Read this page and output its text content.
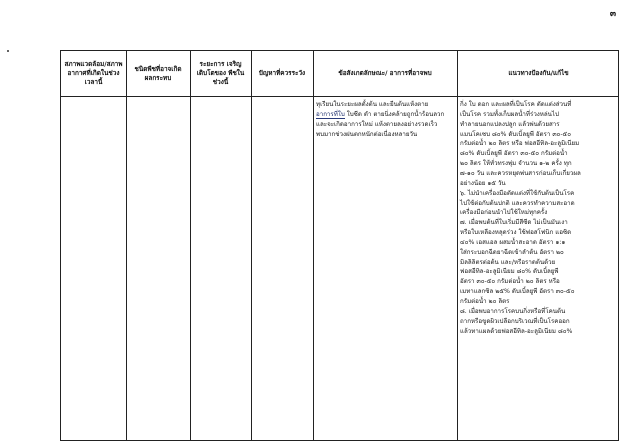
๓
สภาพแวดล้อม/สภาพ อากาศที่เกิดในช่วงเวลานี้
ชนิดพืชที่อาจเกิด ผลกระทบ
ระยะการ เจริญเติบโตของ พืชในช่วงนี้
ปัญหาที่ควรระวัง	ข้อสังเกตลักษณะ/ อาการที่อาจพบ	แนวทางป้องกัน/แก้ไข
ทุเรียนในระยะผลตั้งต้น และยืนต้นแห้งตาย
อาการที่ใบ ใบซีด ดำ ตายนิ่งคล้ายถูกน้ำร้อนลวก
และจะเกิดอาการใหม่ แห้งตายลงอย่างรวดเร็ว
พบมากช่วงฝนตกหนักต่อเนื่องหลายวัน
กิ่ง ใบ ดอก และผลที่เป็นโรค ตัดแต่งส่วนที่
เป็นโรค รวมทั้งเก็บผลน้ำที่ร่วงหล่นไป
ทำลายนอกแปลงปลูก แล้วพ่นด้วยสาร
แมนโคเซบ ๘๐% ดับเบิ้ลยูพี อัตรา ๓๐-๕๐
กรัมต่อน้ำ ๒๐ ลิตร หรือ ฟอสอีทิล-อะลูมิเนียม
๘๐% ดับเบิ้ลยูพี อัตรา ๓๐-๕๐ กรัมต่อน้ำ
๒๐ ลิตร ให้ทั่วทรงพุ่ม จำนวน ๑-๒ ครั้ง ทุก
๗-๑๐ วัน และควรหยุดพ่นสารก่อนเก็บเกี่ยวผล
อย่างน้อย ๑๕ วัน
๖. ไม่นำเครื่องมือตัดแต่งที่ใช้กับต้นเป็นโรค
ไปใช้ต่อกับต้นปกติ และควรทำความสะอาด
เครื่องมือก่อนนำไปใช้ใหม่ทุกครั้ง
๗. เมื่อพบต้นที่ใบเริ่มมีสีซีด ไม่เป็นมันเงา
หรือใบเหลืองหลุดร่วง ใช้ฟอสโฟนิก แอซิด
๔๐% เอสแอล ผสมน้ำสะอาด อัตรา ๑:๑
ใส่กระบอกฉีดยาฉีดเข้าลำต้น อัตรา ๒๐
มิลลิลิตรต่อต้น และ/หรือราดต้นด้วย
ฟอสอีทิล-อะลูมิเนียม ๘๐% ดับเบิ้ลยูพี
อัตรา ๓๐-๕๐ กรัมต่อน้ำ ๒๐ ลิตร หรือ
เมทาแลกซิล ๒๕% ดับเบิ้ลยูพี อัตรา ๓๐-๕๐
กรัมต่อน้ำ ๒๐ ลิตร
๘. เมื่อพบอาการโรคบนกิ่งหรือที่โคนต้น
ถากหรือขูดผิวเปลือกบริเวณที่เป็นโรคออก
แล้วทาแผลด้วยฟอสอีทิล-อะลูมิเนียม ๘๐%
